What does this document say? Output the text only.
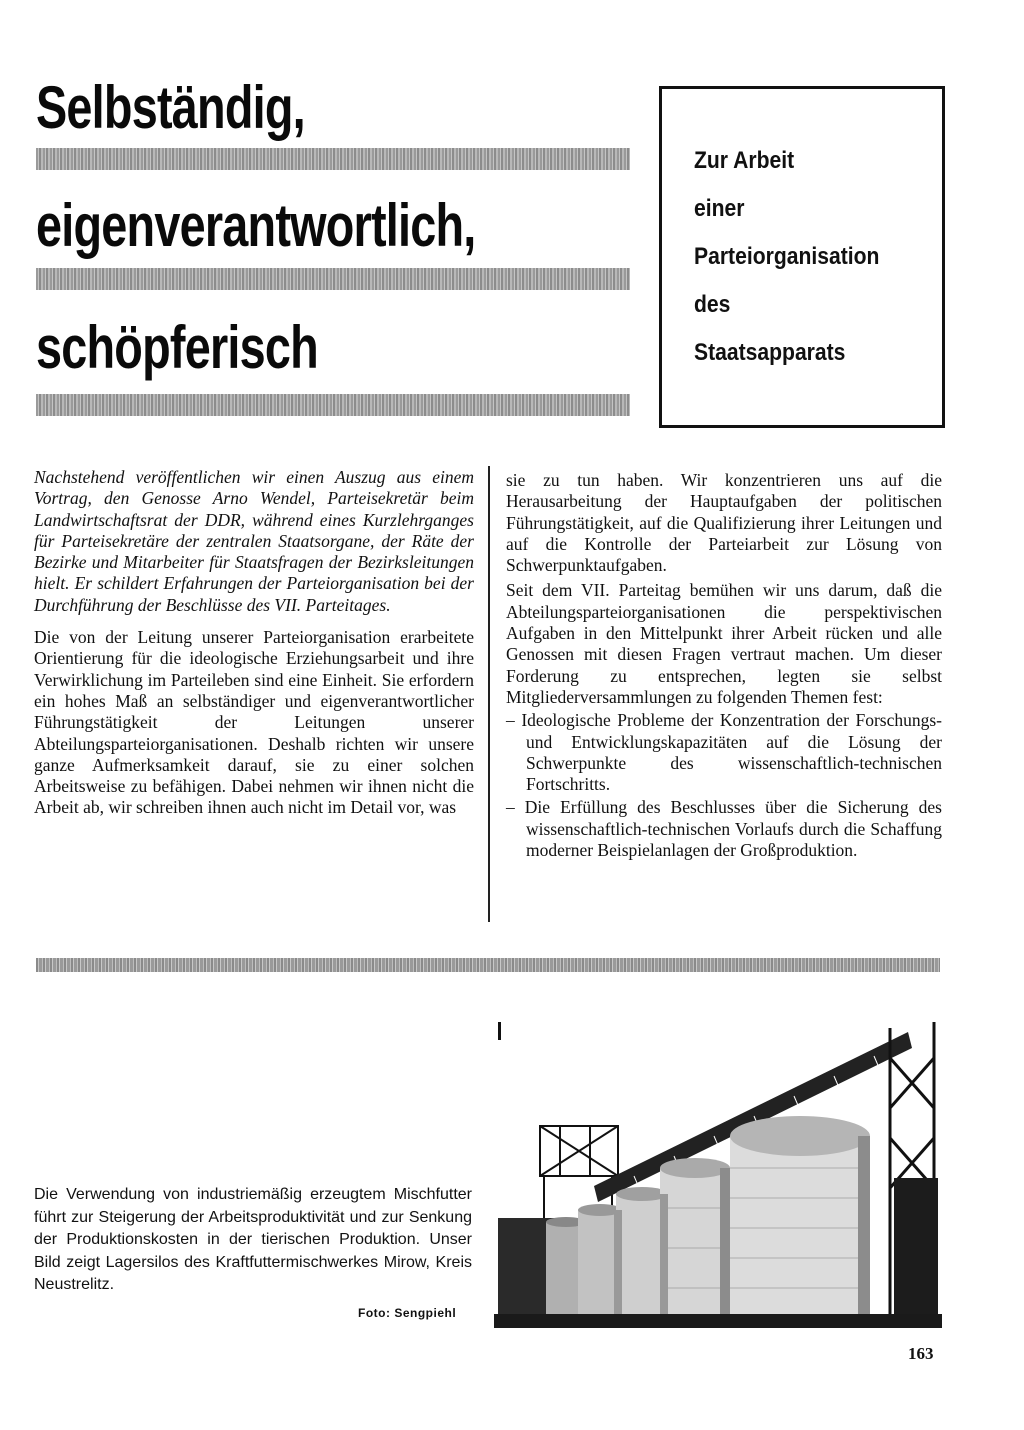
Selbständig,
eigenverantwortlich,
schöpferisch
Zur Arbeit
einer
Parteiorganisation
des
Staatsapparats

Nachstehend veröffentlichen wir einen Auszug aus einem Vortrag, den Genosse Arno Wendel, Parteisekretär beim Landwirtschaftsrat der DDR, während eines Kurzlehrganges für Parteisekretäre der zentralen Staatsorgane, der Räte der Bezirke und Mitarbeiter für Staatsfragen der Bezirksleitungen hielt. Er schildert Erfahrungen der Parteiorganisation bei der Durchführung der Beschlüsse des VII. Parteitages.

Die von der Leitung unserer Parteiorganisation erarbeitete Orientierung für die ideologische Erziehungsarbeit und ihre Verwirklichung im Parteileben sind eine Einheit. Sie erfordern ein hohes Maß an selbständiger und eigenverantwortlicher Führungstätigkeit der Leitungen unserer Abteilungsparteiorganisationen. Deshalb richten wir unsere ganze Aufmerksamkeit darauf, sie zu einer solchen Arbeitsweise zu befähigen. Dabei nehmen wir ihnen nicht die Arbeit ab, wir schreiben ihnen auch nicht im Detail vor, was

sie zu tun haben. Wir konzentrieren uns auf die Herausarbeitung der Hauptaufgaben der politischen Führungstätigkeit, auf die Qualifizierung ihrer Leitungen und auf die Kontrolle der Parteiarbeit zur Lösung von Schwerpunktaufgaben.

Seit dem VII. Parteitag bemühen wir uns darum, daß die Abteilungsparteiorganisationen die perspektivischen Aufgaben in den Mittelpunkt ihrer Arbeit rücken und alle Genossen mit diesen Fragen vertraut machen. Um dieser Forderung zu entsprechen, legten sie selbst Mitgliederversammlungen zu folgenden Themen fest:

– Ideologische Probleme der Konzentration der Forschungs- und Entwicklungskapazitäten auf die Lösung der Schwerpunkte des wissenschaftlich-technischen Fortschritts.

– Die Erfüllung des Beschlusses über die Sicherung des wissenschaftlich-technischen Vorlaufs durch die Schaffung moderner Beispielanlagen der Großproduktion.

Die Verwendung von industriemäßig erzeugtem Mischfutter führt zur Steigerung der Arbeitsproduktivität und zur Senkung der Produktionskosten in der tierischen Produktion. Unser Bild zeigt Lagersilos des Kraftfuttermischwerkes Mirow, Kreis Neustrelitz.
Foto: Sengpiehl
163
